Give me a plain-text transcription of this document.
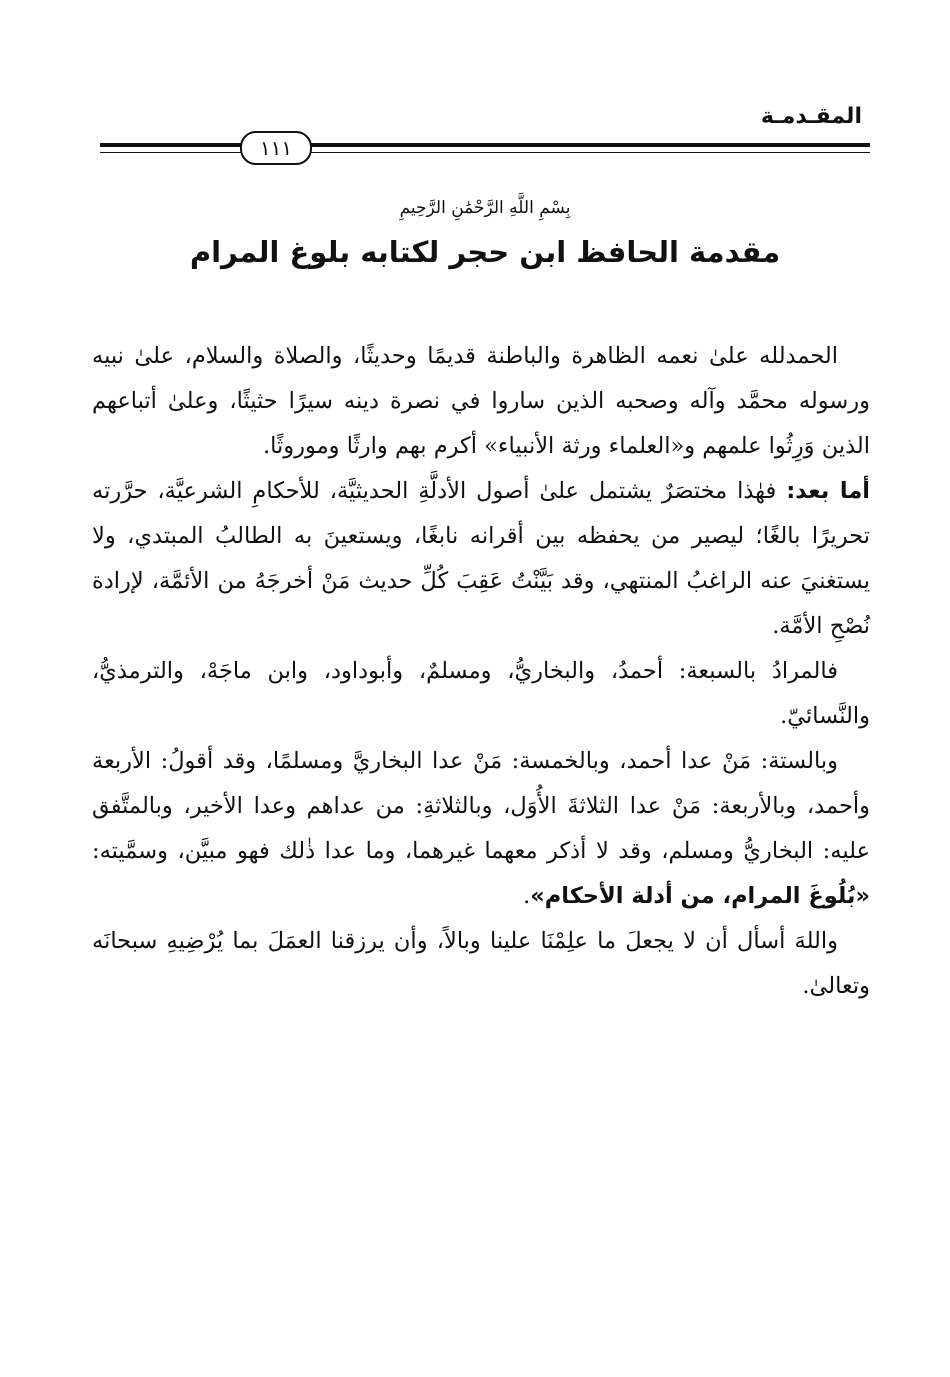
المقـدمـة
١١١
بِسْمِ اللَّهِ الرَّحْمَٰنِ الرَّحِيمِ
مقدمة الحافظ ابن حجر لكتابه بلوغ المرام

الحمدلله علىٰ نعمه الظاهرة والباطنة قديمًا وحديثًا، والصلاة والسلام، علىٰ نبيه ورسوله محمَّد وآله وصحبه الذين ساروا في نصرة دينه سيرًا حثيثًا، وعلىٰ أتباعهم الذين وَرِثُوا علمهم و«العلماء ورثة الأنبياء» أكرم بهم وارثًا وموروثًا.

أما بعد: فهٰذا مختصَرٌ يشتمل علىٰ أصول الأدلَّةِ الحديثيَّة، للأحكامِ الشرعيَّة، حرَّرته تحريرًا بالغًا؛ ليصير من يحفظه بين أقرانه نابغًا، ويستعينَ به الطالبُ المبتدي، ولا يستغنيَ عنه الراغبُ المنتهي، وقد بَيَّنْتُ عَقِبَ كُلِّ حديث مَنْ أخرجَهُ من الأئمَّة، لإرادة نُصْحِ الأمَّة.

فالمرادُ بالسبعة: أحمدُ، والبخاريُّ، ومسلمٌ، وأبوداود، وابن ماجَهْ، والترمذيُّ، والنَّسائيّ.

وبالستة: مَنْ عدا أحمد، وبالخمسة: مَنْ عدا البخاريَّ ومسلمًا، وقد أقولُ: الأربعة وأحمد، وبالأربعة: مَنْ عدا الثلاثةَ الأُوَل، وبالثلاثةِ: من عداهم وعدا الأخير، وبالمتَّفق عليه: البخاريُّ ومسلم، وقد لا أذكر معهما غيرهما، وما عدا ذٰلك فهو مبيَّن، وسمَّيته: «بُلُوغَ المرام، من أدلة الأحكام».

واللهَ أسأل أن لا يجعلَ ما علِمْنَا علينا وبالاً، وأن يرزقنا العمَلَ بما يُرْضِيهِ سبحانَه وتعالىٰ.
